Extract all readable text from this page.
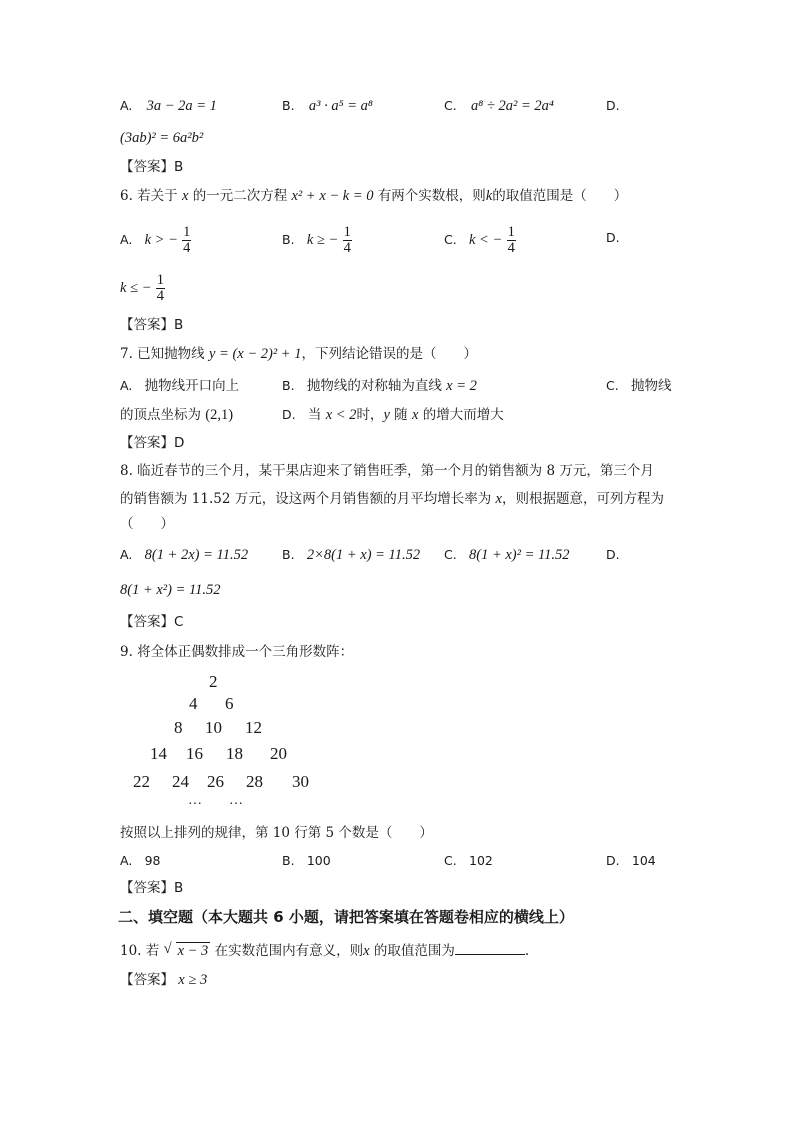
A. 3a − 2a = 1	B. a³ · a⁵ = a⁸	C. a⁸ ÷ 2a² = 2a⁴	D.
(3ab)² = 6a²b²
【答案】B
6. 若关于 x 的一元二次方程 x² + x − k = 0 有两个实数根，则k的取值范围是（　　）
A. k > − $\frac{1}{4}$	B. k ≥ − $\frac{1}{4}$	C. k < − $\frac{1}{4}$	D.
k ≤ − $\frac{1}{4}$
【答案】B
7. 已知抛物线 y = (x − 2)² + 1，下列结论错误的是（　　）
A. 抛物线开口向上	B. 抛物线的对称轴为直线 x = 2	C. 抛物线
的顶点坐标为 (2,1)	D. 当 x < 2时，y 随 x 的增大而增大
【答案】D
8. 临近春节的三个月，某干果店迎来了销售旺季，第一个月的销售额为 8 万元，第三个月
的销售额为 11.52 万元，设这两个月销售额的月平均增长率为 x，则根据题意，可列方程为
（　　）
A. 8(1 + 2x) = 11.52	B. 2×8(1 + x) = 11.52 C. 8(1 + x)² = 11.52	D.
8(1 + x²) = 11.52
【答案】C
9. 将全体正偶数排成一个三角形数阵：
2
4 6
8 10 12
14 16 18 20
22 24 26 28 30
… …
按照以上排列的规律，第 10 行第 5 个数是（　　）
A. 98	B. 100	C. 102	D. 104
【答案】B
二、填空题（本大题共 6 小题，请把答案填在答题卷相应的横线上）
10. 若 √ x − 3 在实数范围内有意义，则x 的取值范围为	.
【答案】 x ≥ 3
